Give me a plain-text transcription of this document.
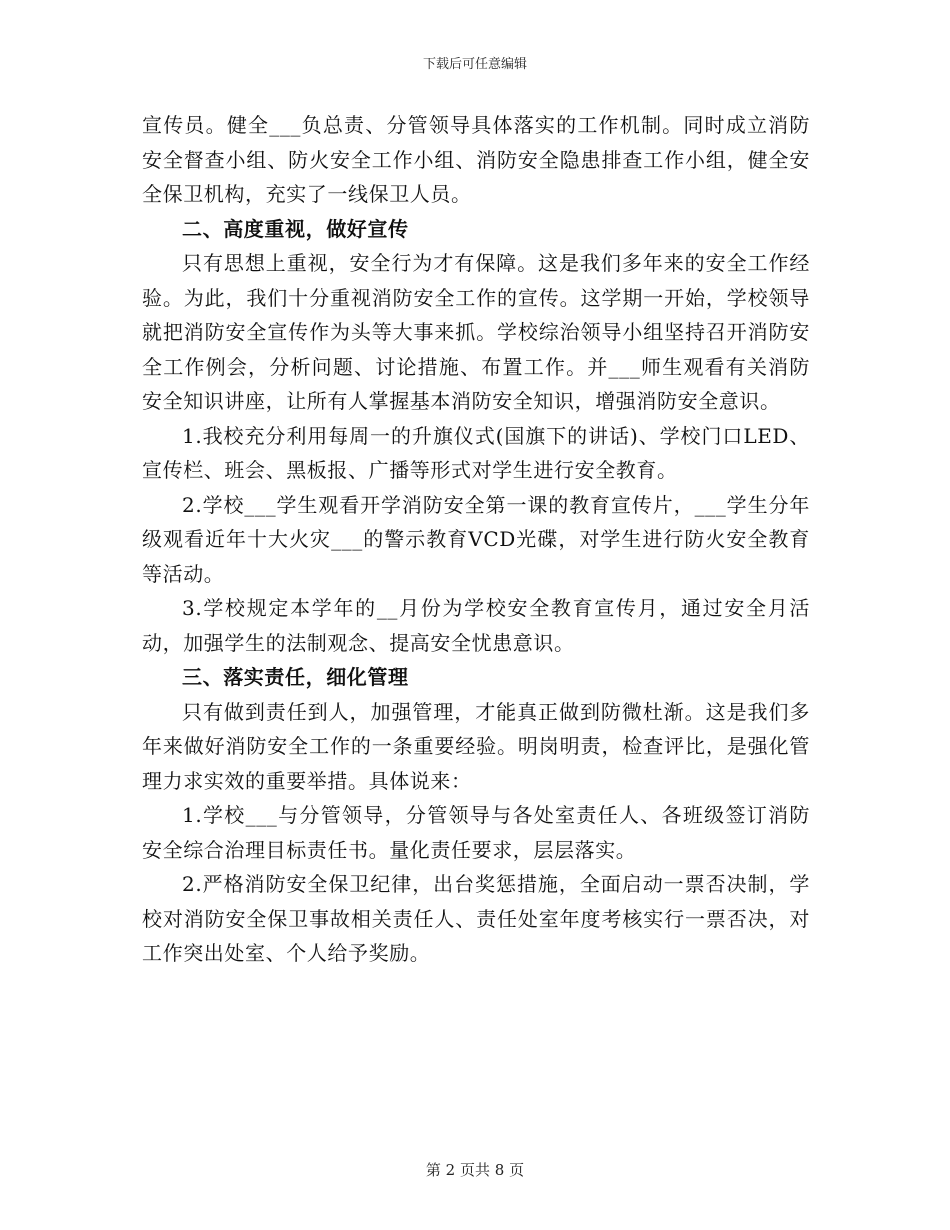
下载后可任意编辑

宣传员。健全___负总责、分管领导具体落实的工作机制。同时成立消防安全督查小组、防火安全工作小组、消防安全隐患排查工作小组，健全安全保卫机构，充实了一线保卫人员。

二、高度重视，做好宣传

只有思想上重视，安全行为才有保障。这是我们多年来的安全工作经验。为此，我们十分重视消防安全工作的宣传。这学期一开始，学校领导就把消防安全宣传作为头等大事来抓。学校综治领导小组坚持召开消防安全工作例会，分析问题、讨论措施、布置工作。并___师生观看有关消防安全知识讲座，让所有人掌握基本消防安全知识，增强消防安全意识。

1.我校充分利用每周一的升旗仪式(国旗下的讲话)、学校门口LED、宣传栏、班会、黑板报、广播等形式对学生进行安全教育。

2.学校___学生观看开学消防安全第一课的教育宣传片，___学生分年级观看近年十大火灾___的警示教育VCD光碟，对学生进行防火安全教育等活动。

3.学校规定本学年的__月份为学校安全教育宣传月，通过安全月活动，加强学生的法制观念、提高安全忧患意识。

三、落实责任，细化管理

只有做到责任到人，加强管理，才能真正做到防微杜渐。这是我们多年来做好消防安全工作的一条重要经验。明岗明责，检查评比，是强化管理力求实效的重要举措。具体说来：

1.学校___与分管领导，分管领导与各处室责任人、各班级签订消防安全综合治理目标责任书。量化责任要求，层层落实。

2.严格消防安全保卫纪律，出台奖惩措施，全面启动一票否决制，学校对消防安全保卫事故相关责任人、责任处室年度考核实行一票否决，对工作突出处室、个人给予奖励。

第 2 页共 8 页
